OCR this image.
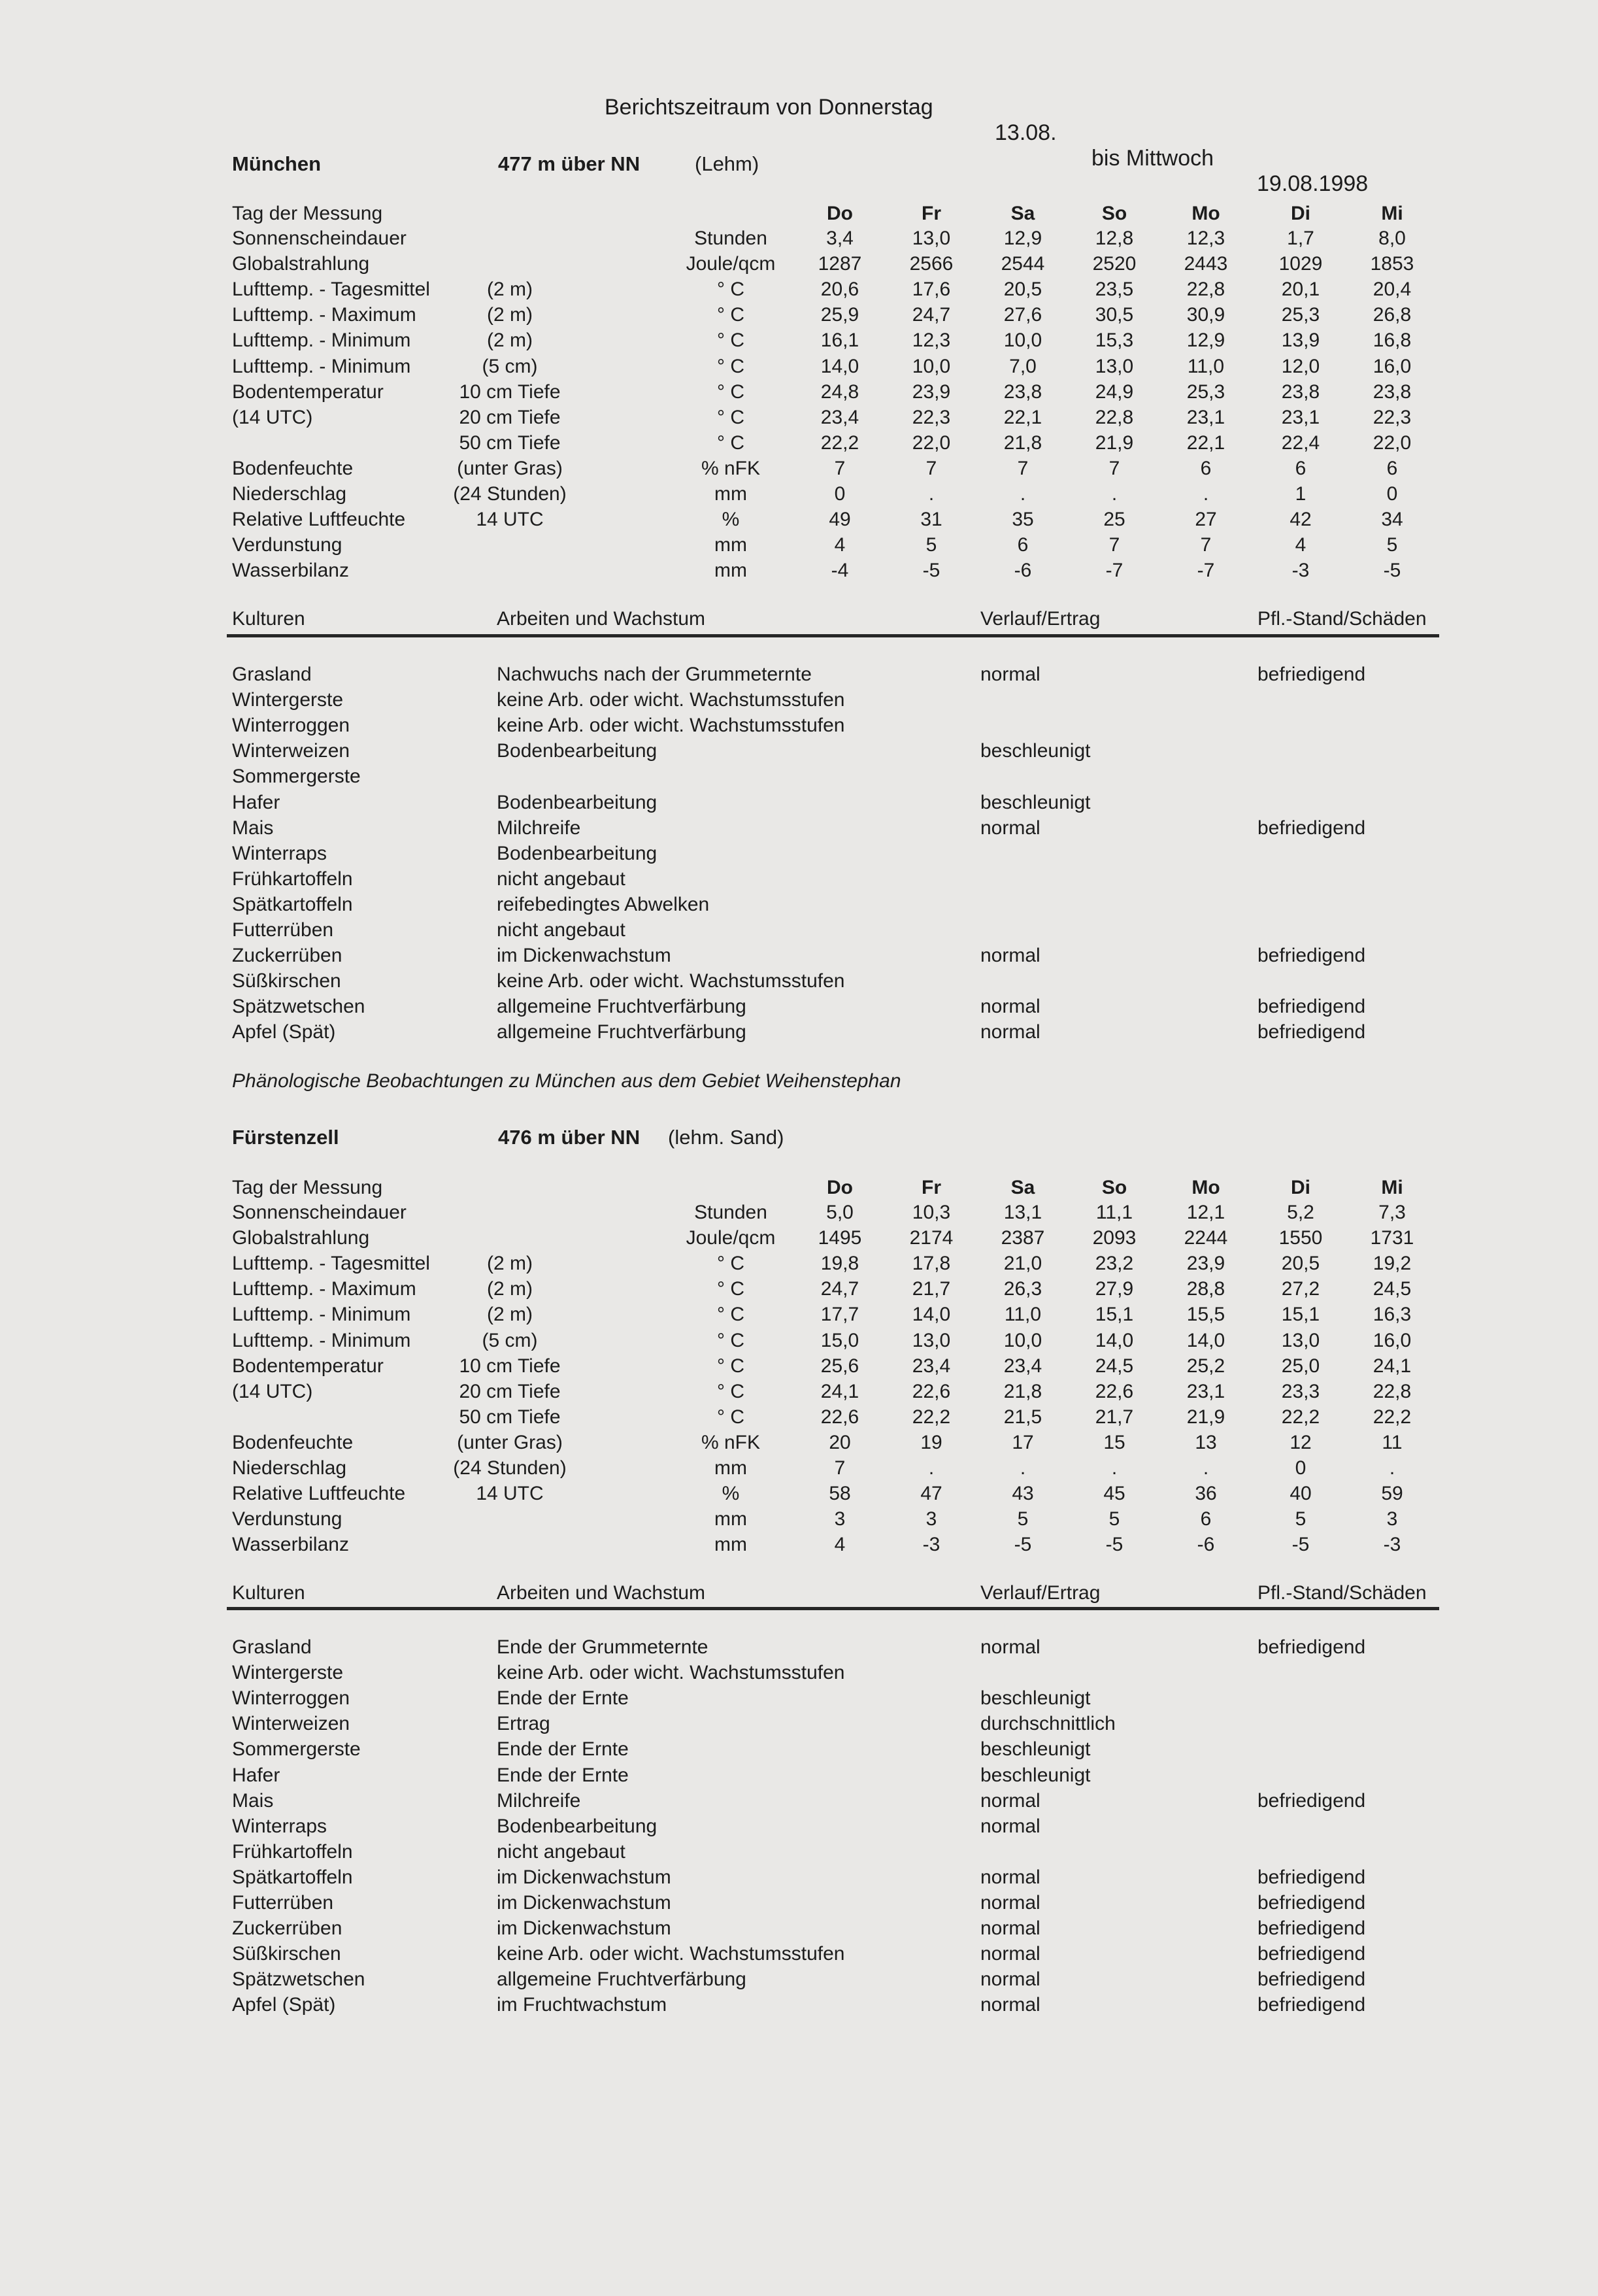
Berichtszeitraum von Donnerstag

13.08.

bis Mittwoch

19.08.1998

München	477 m über NN	(Lehm)
Tag der Messung	Do	Fr	Sa	So	Mo	Di	Mi
Sonnenscheindauer	Stunden	3,4	13,0	12,9	12,8	12,3	1,7	8,0
Globalstrahlung	Joule/qcm	1287	2566	2544	2520	2443	1029	1853
Lufttemp. - Tagesmittel	(2 m)	° C	20,6	17,6	20,5	23,5	22,8	20,1	20,4
Lufttemp. - Maximum	(2 m)	° C	25,9	24,7	27,6	30,5	30,9	25,3	26,8
Lufttemp. - Minimum	(2 m)	° C	16,1	12,3	10,0	15,3	12,9	13,9	16,8
Lufttemp. - Minimum	(5 cm)	° C	14,0	10,0	7,0	13,0	11,0	12,0	16,0
Bodentemperatur	10 cm Tiefe	° C	24,8	23,9	23,8	24,9	25,3	23,8	23,8
(14 UTC)	20 cm Tiefe	° C	23,4	22,3	22,1	22,8	23,1	23,1	22,3
50 cm Tiefe	° C	22,2	22,0	21,8	21,9	22,1	22,4	22,0
Bodenfeuchte	(unter Gras)	% nFK	7	7	7	7	6	6	6
Niederschlag	(24 Stunden)	mm	0	.	.	.	.	1	0
Relative Luftfeuchte	14 UTC	%	49	31	35	25	27	42	34
Verdunstung	mm	4	5	6	7	7	4	5
Wasserbilanz	mm	-4	-5	-6	-7	-7	-3	-5
Kulturen	Arbeiten und Wachstum	Verlauf/Ertrag	Pfl.-Stand/Schäden
Grasland	Nachwuchs nach der Grummeternte	normal	befriedigend
Wintergerste	keine Arb. oder wicht. Wachstumsstufen
Winterroggen	keine Arb. oder wicht. Wachstumsstufen
Winterweizen	Bodenbearbeitung	beschleunigt
Sommergerste
Hafer	Bodenbearbeitung	beschleunigt
Mais	Milchreife	normal	befriedigend
Winterraps	Bodenbearbeitung
Frühkartoffeln	nicht angebaut
Spätkartoffeln	reifebedingtes Abwelken
Futterrüben	nicht angebaut
Zuckerrüben	im Dickenwachstum	normal	befriedigend
Süßkirschen	keine Arb. oder wicht. Wachstumsstufen
Spätzwetschen	allgemeine Fruchtverfärbung	normal	befriedigend
Apfel (Spät)	allgemeine Fruchtverfärbung	normal	befriedigend
Phänologische Beobachtungen zu München aus dem Gebiet Weihenstephan
Fürstenzell	476 m über NN (lehm. Sand)
Tag der Messung	Do	Fr	Sa	So	Mo	Di	Mi
Sonnenscheindauer	Stunden	5,0	10,3	13,1	11,1	12,1	5,2	7,3
Globalstrahlung	Joule/qcm	1495	2174	2387	2093	2244	1550	1731
Lufttemp. - Tagesmittel	(2 m)	° C	19,8	17,8	21,0	23,2	23,9	20,5	19,2
Lufttemp. - Maximum	(2 m)	° C	24,7	21,7	26,3	27,9	28,8	27,2	24,5
Lufttemp. - Minimum	(2 m)	° C	17,7	14,0	11,0	15,1	15,5	15,1	16,3
Lufttemp. - Minimum	(5 cm)	° C	15,0	13,0	10,0	14,0	14,0	13,0	16,0
Bodentemperatur	10 cm Tiefe	° C	25,6	23,4	23,4	24,5	25,2	25,0	24,1
(14 UTC)	20 cm Tiefe	° C	24,1	22,6	21,8	22,6	23,1	23,3	22,8
50 cm Tiefe	° C	22,6	22,2	21,5	21,7	21,9	22,2	22,2
Bodenfeuchte	(unter Gras)	% nFK	20	19	17	15	13	12	11
Niederschlag	(24 Stunden)	mm	7	.	.	.	.	0	.
Relative Luftfeuchte	14 UTC	%	58	47	43	45	36	40	59
Verdunstung	mm	3	3	5	5	6	5	3
Wasserbilanz	mm	4	-3	-5	-5	-6	-5	-3
Kulturen	Arbeiten und Wachstum	Verlauf/Ertrag	Pfl.-Stand/Schäden
Grasland	Ende der Grummeternte	normal	befriedigend
Wintergerste	keine Arb. oder wicht. Wachstumsstufen
Winterroggen	Ende der Ernte	beschleunigt
Winterweizen	Ertrag	durchschnittlich
Sommergerste	Ende der Ernte	beschleunigt
Hafer	Ende der Ernte	beschleunigt
Mais	Milchreife	normal	befriedigend
Winterraps	Bodenbearbeitung	normal
Frühkartoffeln	nicht angebaut
Spätkartoffeln	im Dickenwachstum	normal	befriedigend
Futterrüben	im Dickenwachstum	normal	befriedigend
Zuckerrüben	im Dickenwachstum	normal	befriedigend
Süßkirschen	keine Arb. oder wicht. Wachstumsstufen	normal	befriedigend
Spätzwetschen	allgemeine Fruchtverfärbung	normal	befriedigend
Apfel (Spät)	im Fruchtwachstum	normal	befriedigend
